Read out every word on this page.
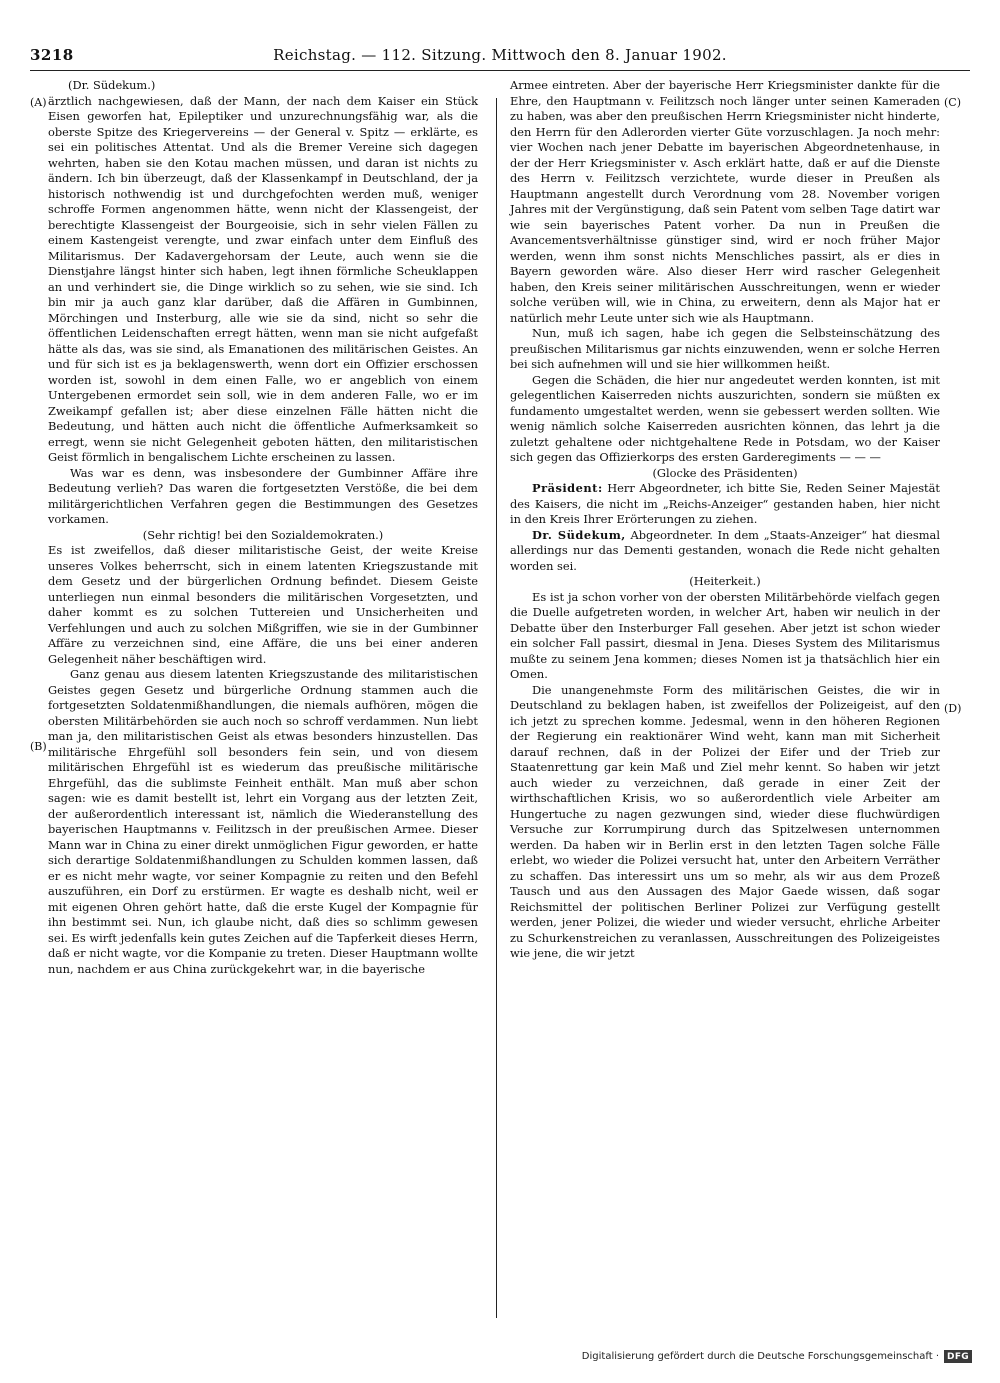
3218	Reichstag. — 112. Sitzung. Mittwoch den 8. Januar 1902.
(A)
(B)
(C)
(D)

(Dr. Südekum.)

ärztlich nachgewiesen, daß der Mann, der nach dem Kaiser ein Stück Eisen geworfen hat, Epileptiker und unzurechnungsfähig war, als die oberste Spitze des Kriegervereins — der General v. Spitz — erklärte, es sei ein politisches Attentat. Und als die Bremer Vereine sich dagegen wehrten, haben sie den Kotau machen müssen, und daran ist nichts zu ändern. Ich bin überzeugt, daß der Klassenkampf in Deutschland, der ja historisch nothwendig ist und durchgefochten werden muß, weniger schroffe Formen angenommen hätte, wenn nicht der Klassengeist, der berechtigte Klassengeist der Bourgeoisie, sich in sehr vielen Fällen zu einem Kastengeist verengte, und zwar einfach unter dem Einfluß des Militarismus. Der Kadavergehorsam der Leute, auch wenn sie die Dienstjahre längst hinter sich haben, legt ihnen förmliche Scheuklappen an und verhindert sie, die Dinge wirklich so zu sehen, wie sie sind. Ich bin mir ja auch ganz klar darüber, daß die Affären in Gumbinnen, Mörchingen und Insterburg, alle wie sie da sind, nicht so sehr die öffentlichen Leidenschaften erregt hätten, wenn man sie nicht aufgefaßt hätte als das, was sie sind, als Emanationen des militärischen Geistes. An und für sich ist es ja beklagenswerth, wenn dort ein Offizier erschossen worden ist, sowohl in dem einen Falle, wo er angeblich von einem Untergebenen ermordet sein soll, wie in dem anderen Falle, wo er im Zweikampf gefallen ist; aber diese einzelnen Fälle hätten nicht die Bedeutung, und hätten auch nicht die öffentliche Aufmerksamkeit so erregt, wenn sie nicht Gelegenheit geboten hätten, den militaristischen Geist förmlich in bengalischem Lichte erscheinen zu lassen.

Was war es denn, was insbesondere der Gumbinner Affäre ihre Bedeutung verlieh? Das waren die fortgesetzten Verstöße, die bei dem militärgerichtlichen Verfahren gegen die Bestimmungen des Gesetzes vorkamen.

(Sehr richtig! bei den Sozialdemokraten.)

Es ist zweifellos, daß dieser militaristische Geist, der weite Kreise unseres Volkes beherrscht, sich in einem latenten Kriegszustande mit dem Gesetz und der bürgerlichen Ordnung befindet. Diesem Geiste unterliegen nun einmal besonders die militärischen Vorgesetzten, und daher kommt es zu solchen Tuttereien und Unsicherheiten und Verfehlungen und auch zu solchen Mißgriffen, wie sie in der Gumbinner Affäre zu verzeichnen sind, eine Affäre, die uns bei einer anderen Gelegenheit näher beschäftigen wird.

Ganz genau aus diesem latenten Kriegszustande des militaristischen Geistes gegen Gesetz und bürgerliche Ordnung stammen auch die fortgesetzten Soldatenmißhandlungen, die niemals aufhören, mögen die obersten Militärbehörden sie auch noch so schroff verdammen. Nun liebt man ja, den militaristischen Geist als etwas besonders hinzustellen. Das militärische Ehrgefühl soll besonders fein sein, und von diesem militärischen Ehrgefühl ist es wiederum das preußische militärische Ehrgefühl, das die sublimste Feinheit enthält. Man muß aber schon sagen: wie es damit bestellt ist, lehrt ein Vorgang aus der letzten Zeit, der außerordentlich interessant ist, nämlich die Wiederanstellung des bayerischen Hauptmanns v. Feilitzsch in der preußischen Armee. Dieser Mann war in China zu einer direkt unmöglichen Figur geworden, er hatte sich derartige Soldatenmißhandlungen zu Schulden kommen lassen, daß er es nicht mehr wagte, vor seiner Kompagnie zu reiten und den Befehl auszuführen, ein Dorf zu erstürmen. Er wagte es deshalb nicht, weil er mit eigenen Ohren gehört hatte, daß die erste Kugel der Kompagnie für ihn bestimmt sei. Nun, ich glaube nicht, daß dies so schlimm gewesen sei. Es wirft jedenfalls kein gutes Zeichen auf die Tapferkeit dieses Herrn, daß er nicht wagte, vor die Kompanie zu treten. Dieser Hauptmann wollte nun, nachdem er aus China zurückgekehrt war, in die bayerische

Armee eintreten. Aber der bayerische Herr Kriegsminister dankte für die Ehre, den Hauptmann v. Feilitzsch noch länger unter seinen Kameraden zu haben, was aber den preußischen Herrn Kriegsminister nicht hinderte, den Herrn für den Adlerorden vierter Güte vorzuschlagen. Ja noch mehr: vier Wochen nach jener Debatte im bayerischen Abgeordnetenhause, in der der Herr Kriegsminister v. Asch erklärt hatte, daß er auf die Dienste des Herrn v. Feilitzsch verzichtete, wurde dieser in Preußen als Hauptmann angestellt durch Verordnung vom 28. November vorigen Jahres mit der Vergünstigung, daß sein Patent vom selben Tage datirt war wie sein bayerisches Patent vorher. Da nun in Preußen die Avancementsverhältnisse günstiger sind, wird er noch früher Major werden, wenn ihm sonst nichts Menschliches passirt, als er dies in Bayern geworden wäre. Also dieser Herr wird rascher Gelegenheit haben, den Kreis seiner militärischen Ausschreitungen, wenn er wieder solche verüben will, wie in China, zu erweitern, denn als Major hat er natürlich mehr Leute unter sich wie als Hauptmann.

Nun, muß ich sagen, habe ich gegen die Selbsteinschätzung des preußischen Militarismus gar nichts einzuwenden, wenn er solche Herren bei sich aufnehmen will und sie hier willkommen heißt.

Gegen die Schäden, die hier nur angedeutet werden konnten, ist mit gelegentlichen Kaiserreden nichts auszurichten, sondern sie müßten ex fundamento umgestaltet werden, wenn sie gebessert werden sollten. Wie wenig nämlich solche Kaiserreden ausrichten können, das lehrt ja die zuletzt gehaltene oder nichtgehaltene Rede in Potsdam, wo der Kaiser sich gegen das Offizierkorps des ersten Garderegiments — — —

(Glocke des Präsidenten)

Präsident: Herr Abgeordneter, ich bitte Sie, Reden Seiner Majestät des Kaisers, die nicht im „Reichs-Anzeiger“ gestanden haben, hier nicht in den Kreis Ihrer Erörterungen zu ziehen.

Dr. Südekum, Abgeordneter. In dem „Staats-Anzeiger“ hat diesmal allerdings nur das Dementi gestanden, wonach die Rede nicht gehalten worden sei.

(Heiterkeit.)

Es ist ja schon vorher von der obersten Militärbehörde vielfach gegen die Duelle aufgetreten worden, in welcher Art, haben wir neulich in der Debatte über den Insterburger Fall gesehen. Aber jetzt ist schon wieder ein solcher Fall passirt, diesmal in Jena. Dieses System des Militarismus mußte zu seinem Jena kommen; dieses Nomen ist ja thatsächlich hier ein Omen.

Die unangenehmste Form des militärischen Geistes, die wir in Deutschland zu beklagen haben, ist zweifellos der Polizeigeist, auf den ich jetzt zu sprechen komme. Jedesmal, wenn in den höheren Regionen der Regierung ein reaktionärer Wind weht, kann man mit Sicherheit darauf rechnen, daß in der Polizei der Eifer und der Trieb zur Staatenrettung gar kein Maß und Ziel mehr kennt. So haben wir jetzt auch wieder zu verzeichnen, daß gerade in einer Zeit der wirthschaftlichen Krisis, wo so außerordentlich viele Arbeiter am Hungertuche zu nagen gezwungen sind, wieder diese fluchwürdigen Versuche zur Korrumpirung durch das Spitzelwesen unternommen werden. Da haben wir in Berlin erst in den letzten Tagen solche Fälle erlebt, wo wieder die Polizei versucht hat, unter den Arbeitern Verräther zu schaffen. Das interessirt uns um so mehr, als wir aus dem Prozeß Tausch und aus den Aussagen des Major Gaede wissen, daß sogar Reichsmittel der politischen Berliner Polizei zur Verfügung gestellt werden, jener Polizei, die wieder und wieder versucht, ehrliche Arbeiter zu Schurkenstreichen zu veranlassen, Ausschreitungen des Polizeigeistes wie jene, die wir jetzt

Digitalisierung gefördert durch die Deutsche Forschungsgemeinschaft · DFG
